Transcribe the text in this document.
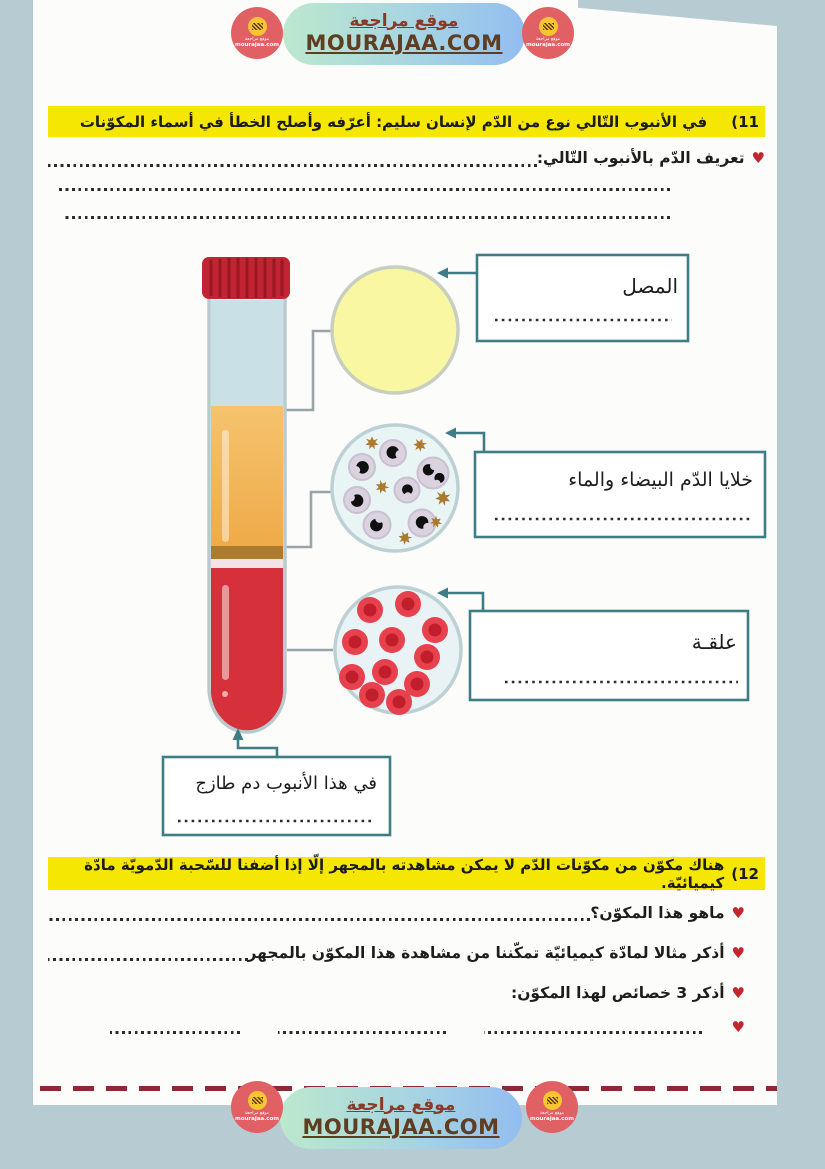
موقع مراجعة
mourajaa.com
موقع مراجعة
MOURAJAA.COM	موقع مراجعة
mourajaa.com
(11
في الأنبوب التّالي نوع من الدّم لإنسان سليم: أعرّفه وأصلح الخطأ في أسماء المكوّنات
♥
تعريف الدّم بالأنبوب التّالي:
المصل
خلايا الدّم البيضاء والماء
علقـة
في هذا الأنبوب دم طازج
(12
هناك مكوّن من مكوّنات الدّم لا يمكن مشاهدته بالمجهر إلّا إذا أضفنا للسّحبة الدّمويّة مادّة كيميائيّة.
♥
ماهو هذا المكوّن؟
♥
أذكر مثالا لمادّة كيميائيّة تمكّننا من مشاهدة هذا المكوّن بالمجهر
♥
أذكر 3 خصائص لهذا المكوّن:
♥
موقع مراجعة
mourajaa.com
موقع مراجعة
MOURAJAA.COM
موقع مراجعة
mourajaa.com
